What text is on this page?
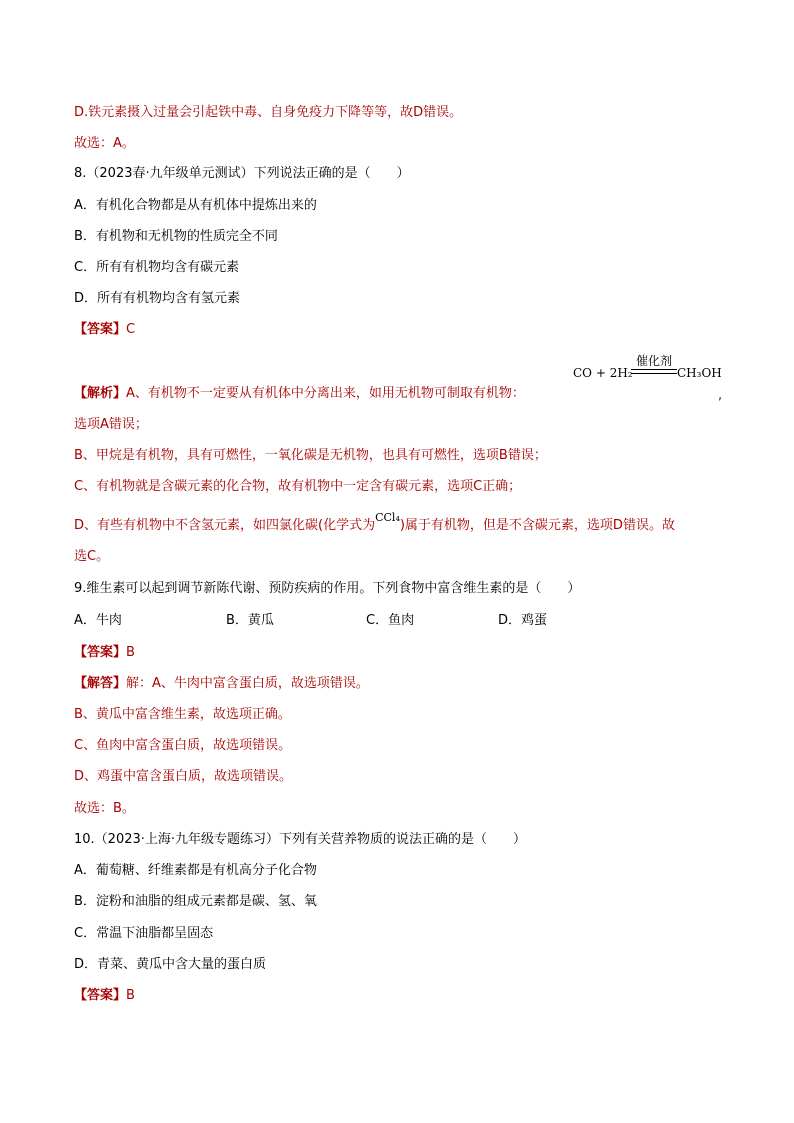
D.铁元素摄入过量会引起铁中毒、自身免疫力下降等等，故D错误。
故选：A。
8.（2023春·九年级单元测试）下列说法正确的是（　　）
A．有机化合物都是从有机体中提炼出来的
B．有机物和无机物的性质完全不同
C．所有有机物均含有碳元素
D．所有有机物均含有氢元素
【答案】C
CO + 2H₂
催化剂
CH₃OH
【解析】A、有机物不一定要从有机体中分离出来，如用无机物可制取有机物：	,
选项A错误；
B、甲烷是有机物，具有可燃性，一氧化碳是无机物，也具有可燃性，选项B错误；
C、有机物就是含碳元素的化合物，故有机物中一定含有碳元素，选项C正确；
D、有些有机物中不含氢元素，如四氯化碳(化学式为$^{CCl_4}$)属于有机物，但是不含碳元素，选项D错误。故
选C。
9.维生素可以起到调节新陈代谢、预防疾病的作用。下列食物中富含维生素的是（　　）
A．牛肉	B．黄瓜	C．鱼肉	D．鸡蛋
【答案】B
【解答】解：A、牛肉中富含蛋白质，故选项错误。
B、黄瓜中富含维生素，故选项正确。
C、鱼肉中富含蛋白质，故选项错误。
D、鸡蛋中富含蛋白质，故选项错误。
故选：B。
10.（2023·上海·九年级专题练习）下列有关营养物质的说法正确的是（　　）
A．葡萄糖、纤维素都是有机高分子化合物
B．淀粉和油脂的组成元素都是碳、氢、氧
C．常温下油脂都呈固态
D．青菜、黄瓜中含大量的蛋白质
【答案】B
